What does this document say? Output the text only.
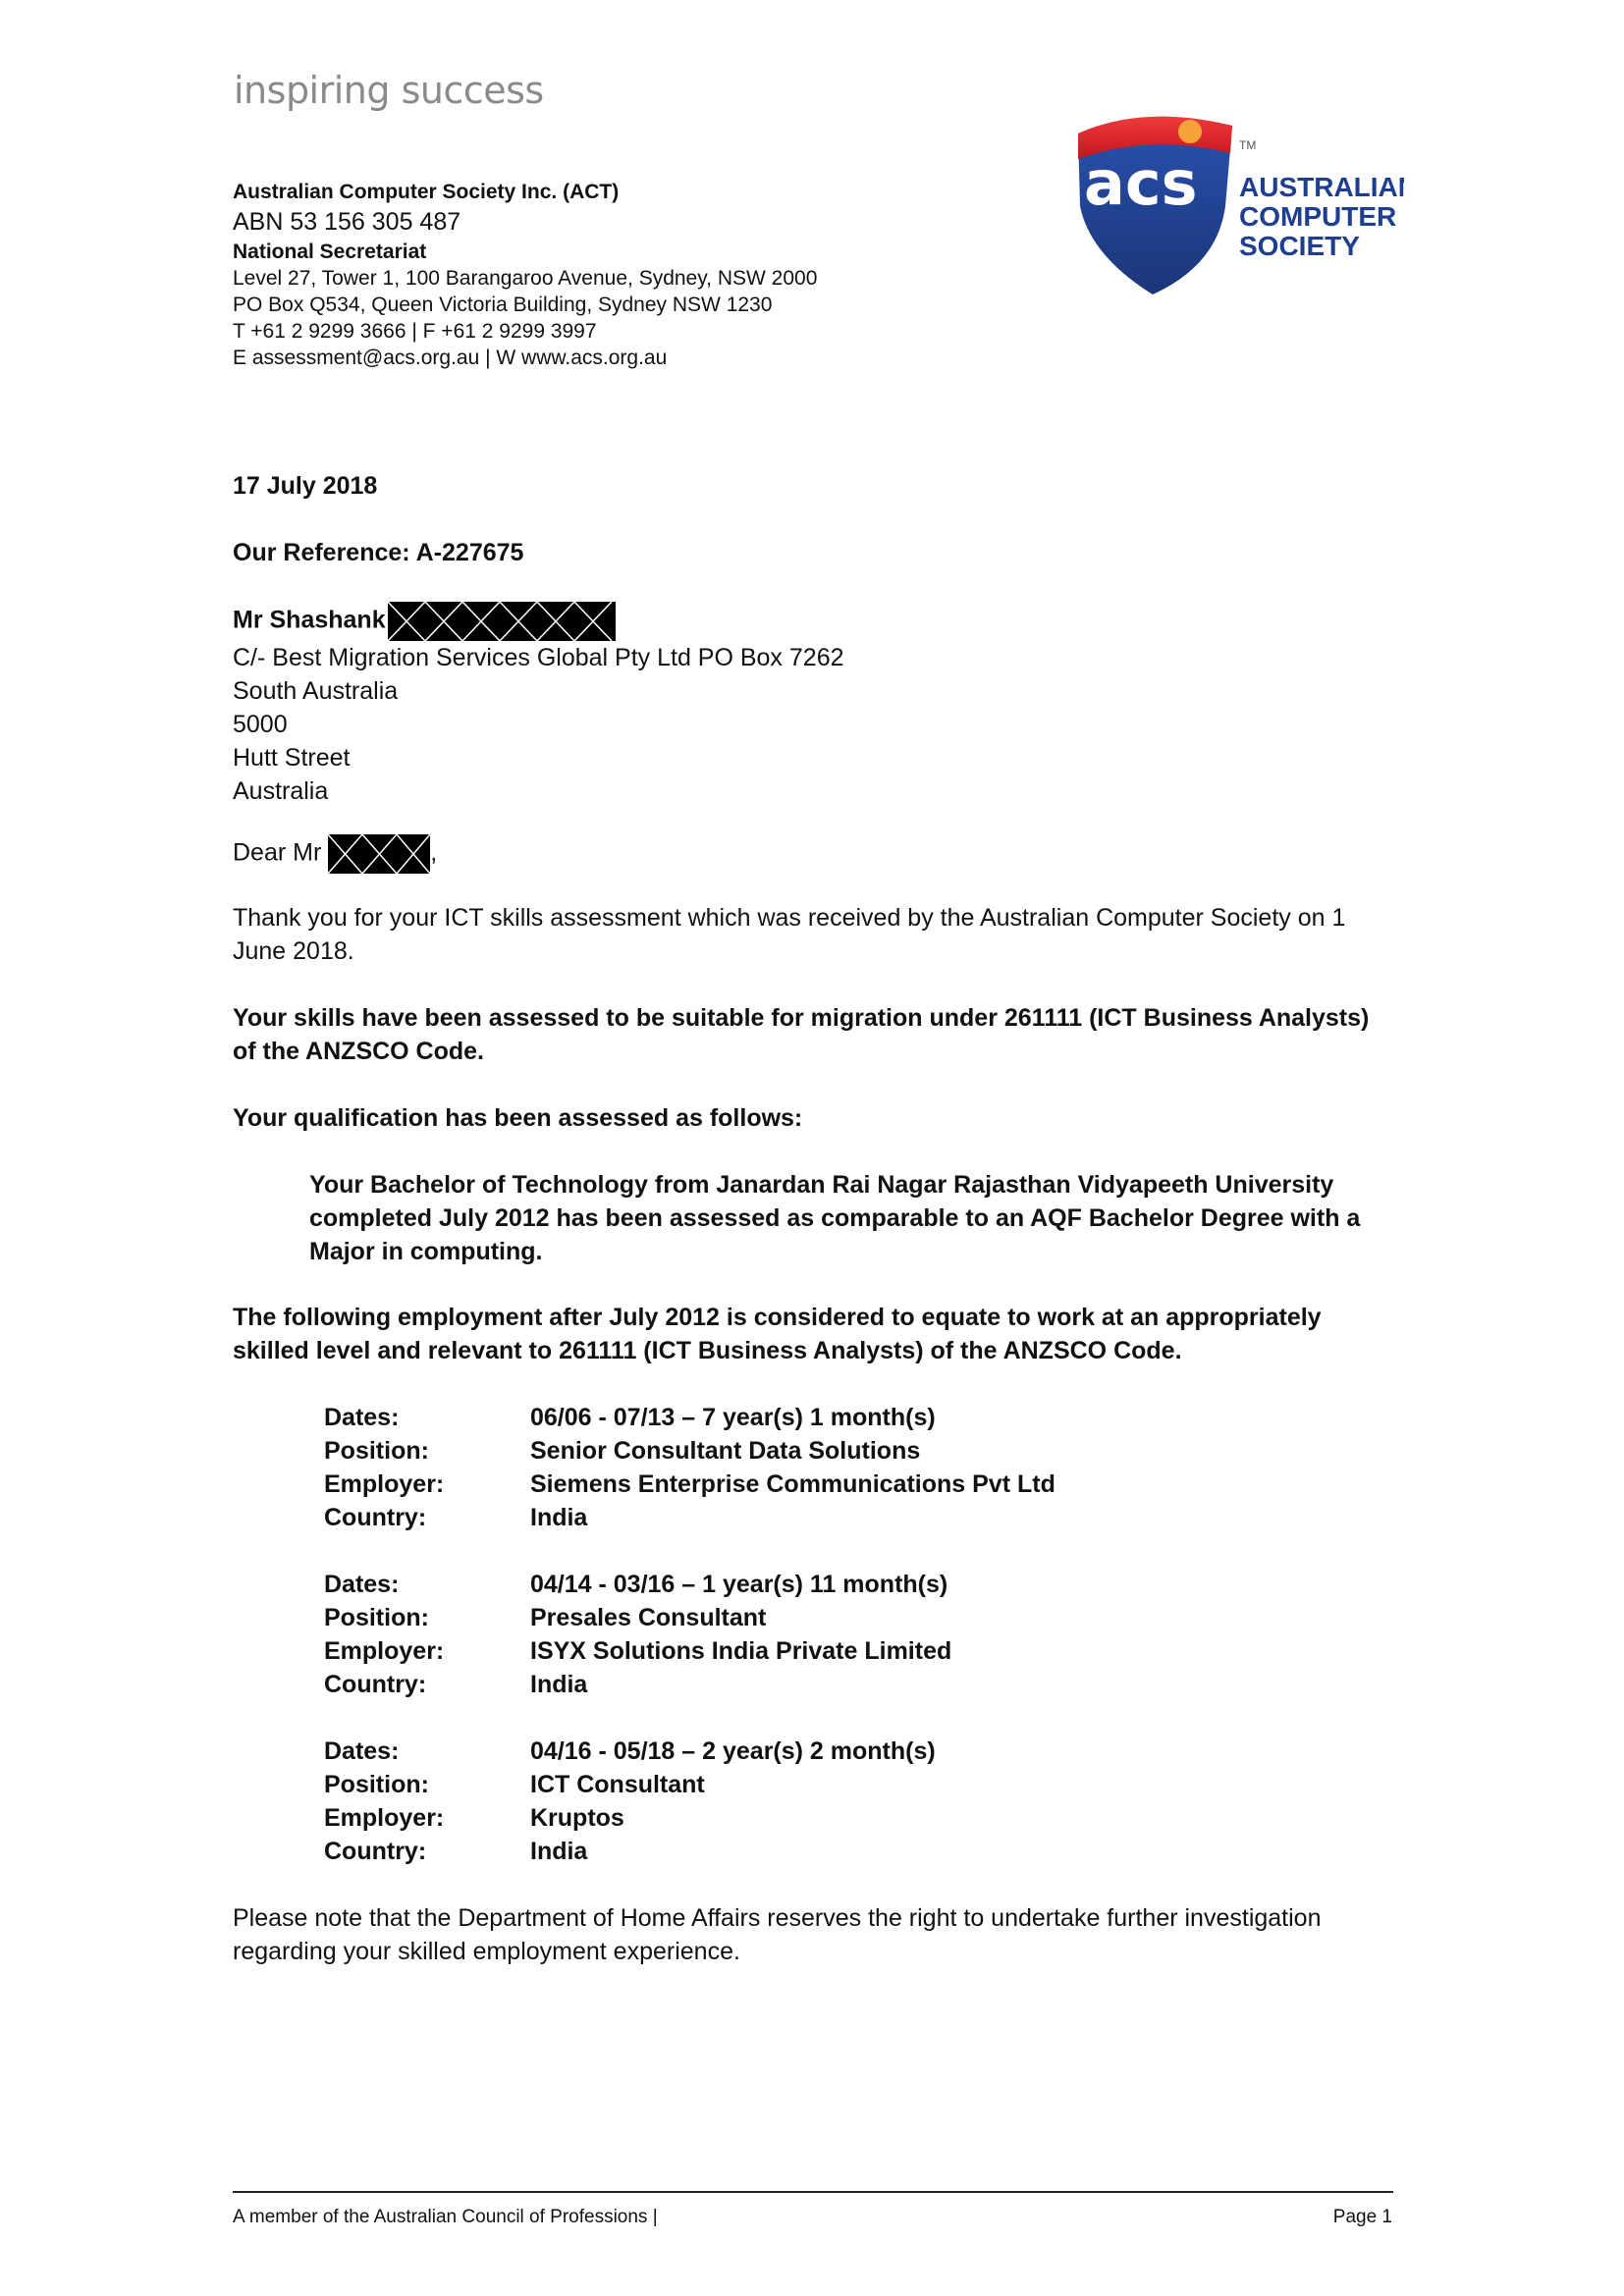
inspiring success
Australian Computer Society Inc. (ACT)
ABN 53 156 305 487
National Secretariat
Level 27, Tower 1, 100 Barangaroo Avenue, Sydney, NSW 2000
PO Box Q534, Queen Victoria Building, Sydney NSW 1230
T +61 2 9299 3666 | F +61 2 9299 3997
E assessment@acs.org.au | W www.acs.org.au
acs
TM
AUSTRALIAN
COMPUTER
SOCIETY
17 July 2018
Our Reference: A-227675
Mr Shashank
C/- Best Migration Services Global Pty Ltd PO Box 7262
South Australia
5000
Hutt Street
Australia
Dear Mr	,
Thank you for your ICT skills assessment which was received by the Australian Computer Society on 1 June 2018.
Your skills have been assessed to be suitable for migration under 261111 (ICT Business Analysts) of the ANZSCO Code.
Your qualification has been assessed as follows:
Your Bachelor of Technology from Janardan Rai Nagar Rajasthan Vidyapeeth University completed July 2012 has been assessed as comparable to an AQF Bachelor Degree with a Major in computing.
The following employment after July 2012 is considered to equate to work at an appropriately skilled level and relevant to 261111 (ICT Business Analysts) of the ANZSCO Code.
Dates:	06/06 - 07/13 – 7 year(s) 1 month(s)
Position:	Senior Consultant Data Solutions
Employer:	Siemens Enterprise Communications Pvt Ltd
Country:	India
Dates:	04/14 - 03/16 – 1 year(s) 11 month(s)
Position:	Presales Consultant
Employer:	ISYX Solutions India Private Limited
Country:	India
Dates:	04/16 - 05/18 – 2 year(s) 2 month(s)
Position:	ICT Consultant
Employer:	Kruptos
Country:	India
Please note that the Department of Home Affairs reserves the right to undertake further investigation regarding your skilled employment experience.
A member of the Australian Council of Professions |	Page 1
